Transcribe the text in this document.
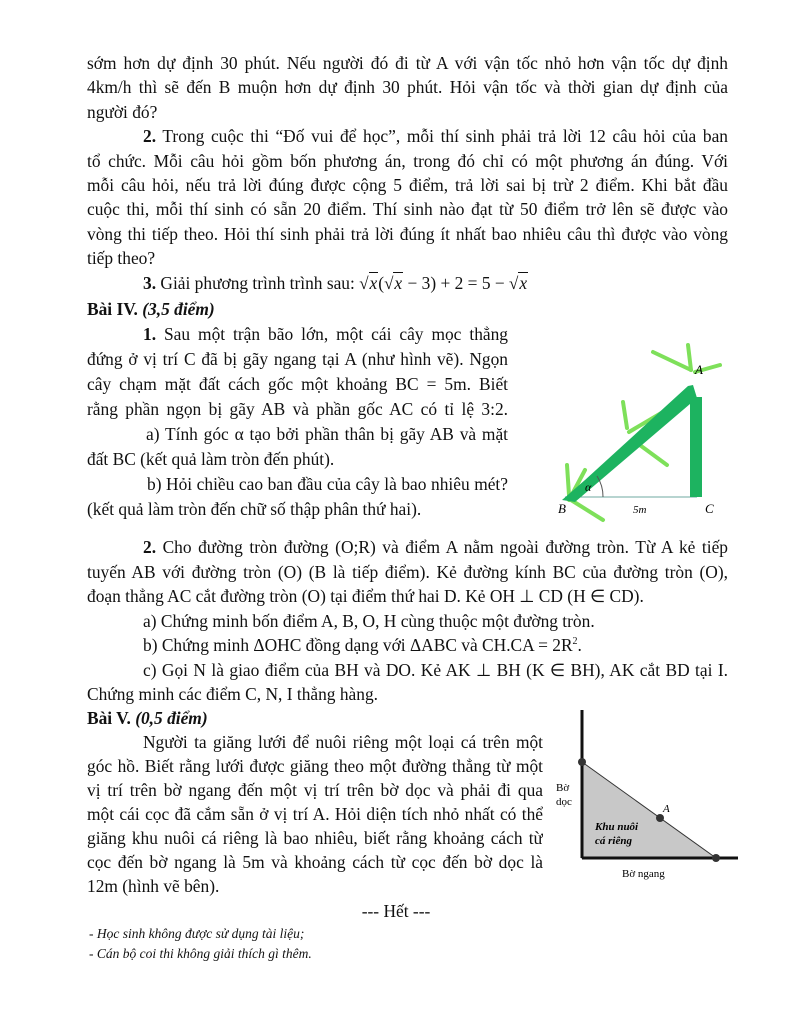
sớm hơn dự định 30 phút. Nếu người đó đi từ A với vận tốc nhỏ hơn vận tốc dự định
4km/h thì sẽ đến B muộn hơn dự định 30 phút. Hỏi vận tốc và thời gian dự định của
người đó?
2. Trong cuộc thi “Đố vui để học”, mỗi thí sinh phải trả lời 12 câu hỏi của ban
tổ chức. Mỗi câu hỏi gồm bốn phương án, trong đó chỉ có một phương án đúng. Với
mỗi câu hỏi, nếu trả lời đúng được cộng 5 điểm, trả lời sai bị trừ 2 điểm. Khi bắt đầu
cuộc thi, mỗi thí sinh có sẵn 20 điểm. Thí sinh nào đạt từ 50 điểm trở lên sẽ được vào
vòng thi tiếp theo. Hỏi thí sinh phải trả lời đúng ít nhất bao nhiêu câu thì được vào vòng
tiếp theo?
3. Giải phương trình trình sau: √x(√x − 3) + 2 = 5 − √x
Bài IV. (3,5 điểm)
1. Sau một trận bão lớn, một cái cây mọc thẳng
đứng ở vị trí C đã bị gãy ngang tại A (như hình vẽ). Ngọn
cây chạm mặt đất cách gốc một khoảng BC = 5m. Biết
rằng phần ngọn bị gãy AB và phần gốc AC có tỉ lệ 3:2.
a) Tính góc α tạo bởi phần thân bị gãy AB và mặt
đất BC (kết quả làm tròn đến phút).
b) Hỏi chiều cao ban đầu của cây là bao nhiêu mét?
(kết quả làm tròn đến chữ số thập phân thứ hai).
α
A
B	C
5m
2. Cho đường tròn đường (O;R) và điểm A nằm ngoài đường tròn. Từ A kẻ tiếp
tuyến AB với đường tròn (O) (B là tiếp điểm). Kẻ đường kính BC của đường tròn (O),
đoạn thẳng AC cắt đường tròn (O) tại điểm thứ hai D. Kẻ OH ⊥ CD (H ∈ CD).
a) Chứng minh bốn điểm A, B, O, H cùng thuộc một đường tròn.
b) Chứng minh ΔOHC đồng dạng với ΔABC và $CH.CA = 2R^2$.
c) Gọi N là giao điểm của BH và DO. Kẻ AK ⊥ BH (K ∈ BH), AK cắt BD tại I.
Chứng minh các điểm C, N, I thẳng hàng.
Bài V. (0,5 điểm)
Người ta giăng lưới để nuôi riêng một loại cá trên một
góc hồ. Biết rằng lưới được giăng theo một đường thẳng từ một
vị trí trên bờ ngang đến một vị trí trên bờ dọc và phải đi qua
một cái cọc đã cắm sẵn ở vị trí A. Hỏi diện tích nhỏ nhất có thể
giăng khu nuôi cá riêng là bao nhiêu, biết rằng khoảng cách từ
cọc đến bờ ngang là 5m và khoảng cách từ cọc đến bờ dọc là
12m (hình vẽ bên).
A
Bờ
dọc
Khu nuôi
cá riêng
Bờ ngang
--- Hết ---
- Học sinh không được sử dụng tài liệu;
- Cán bộ coi thi không giải thích gì thêm.
